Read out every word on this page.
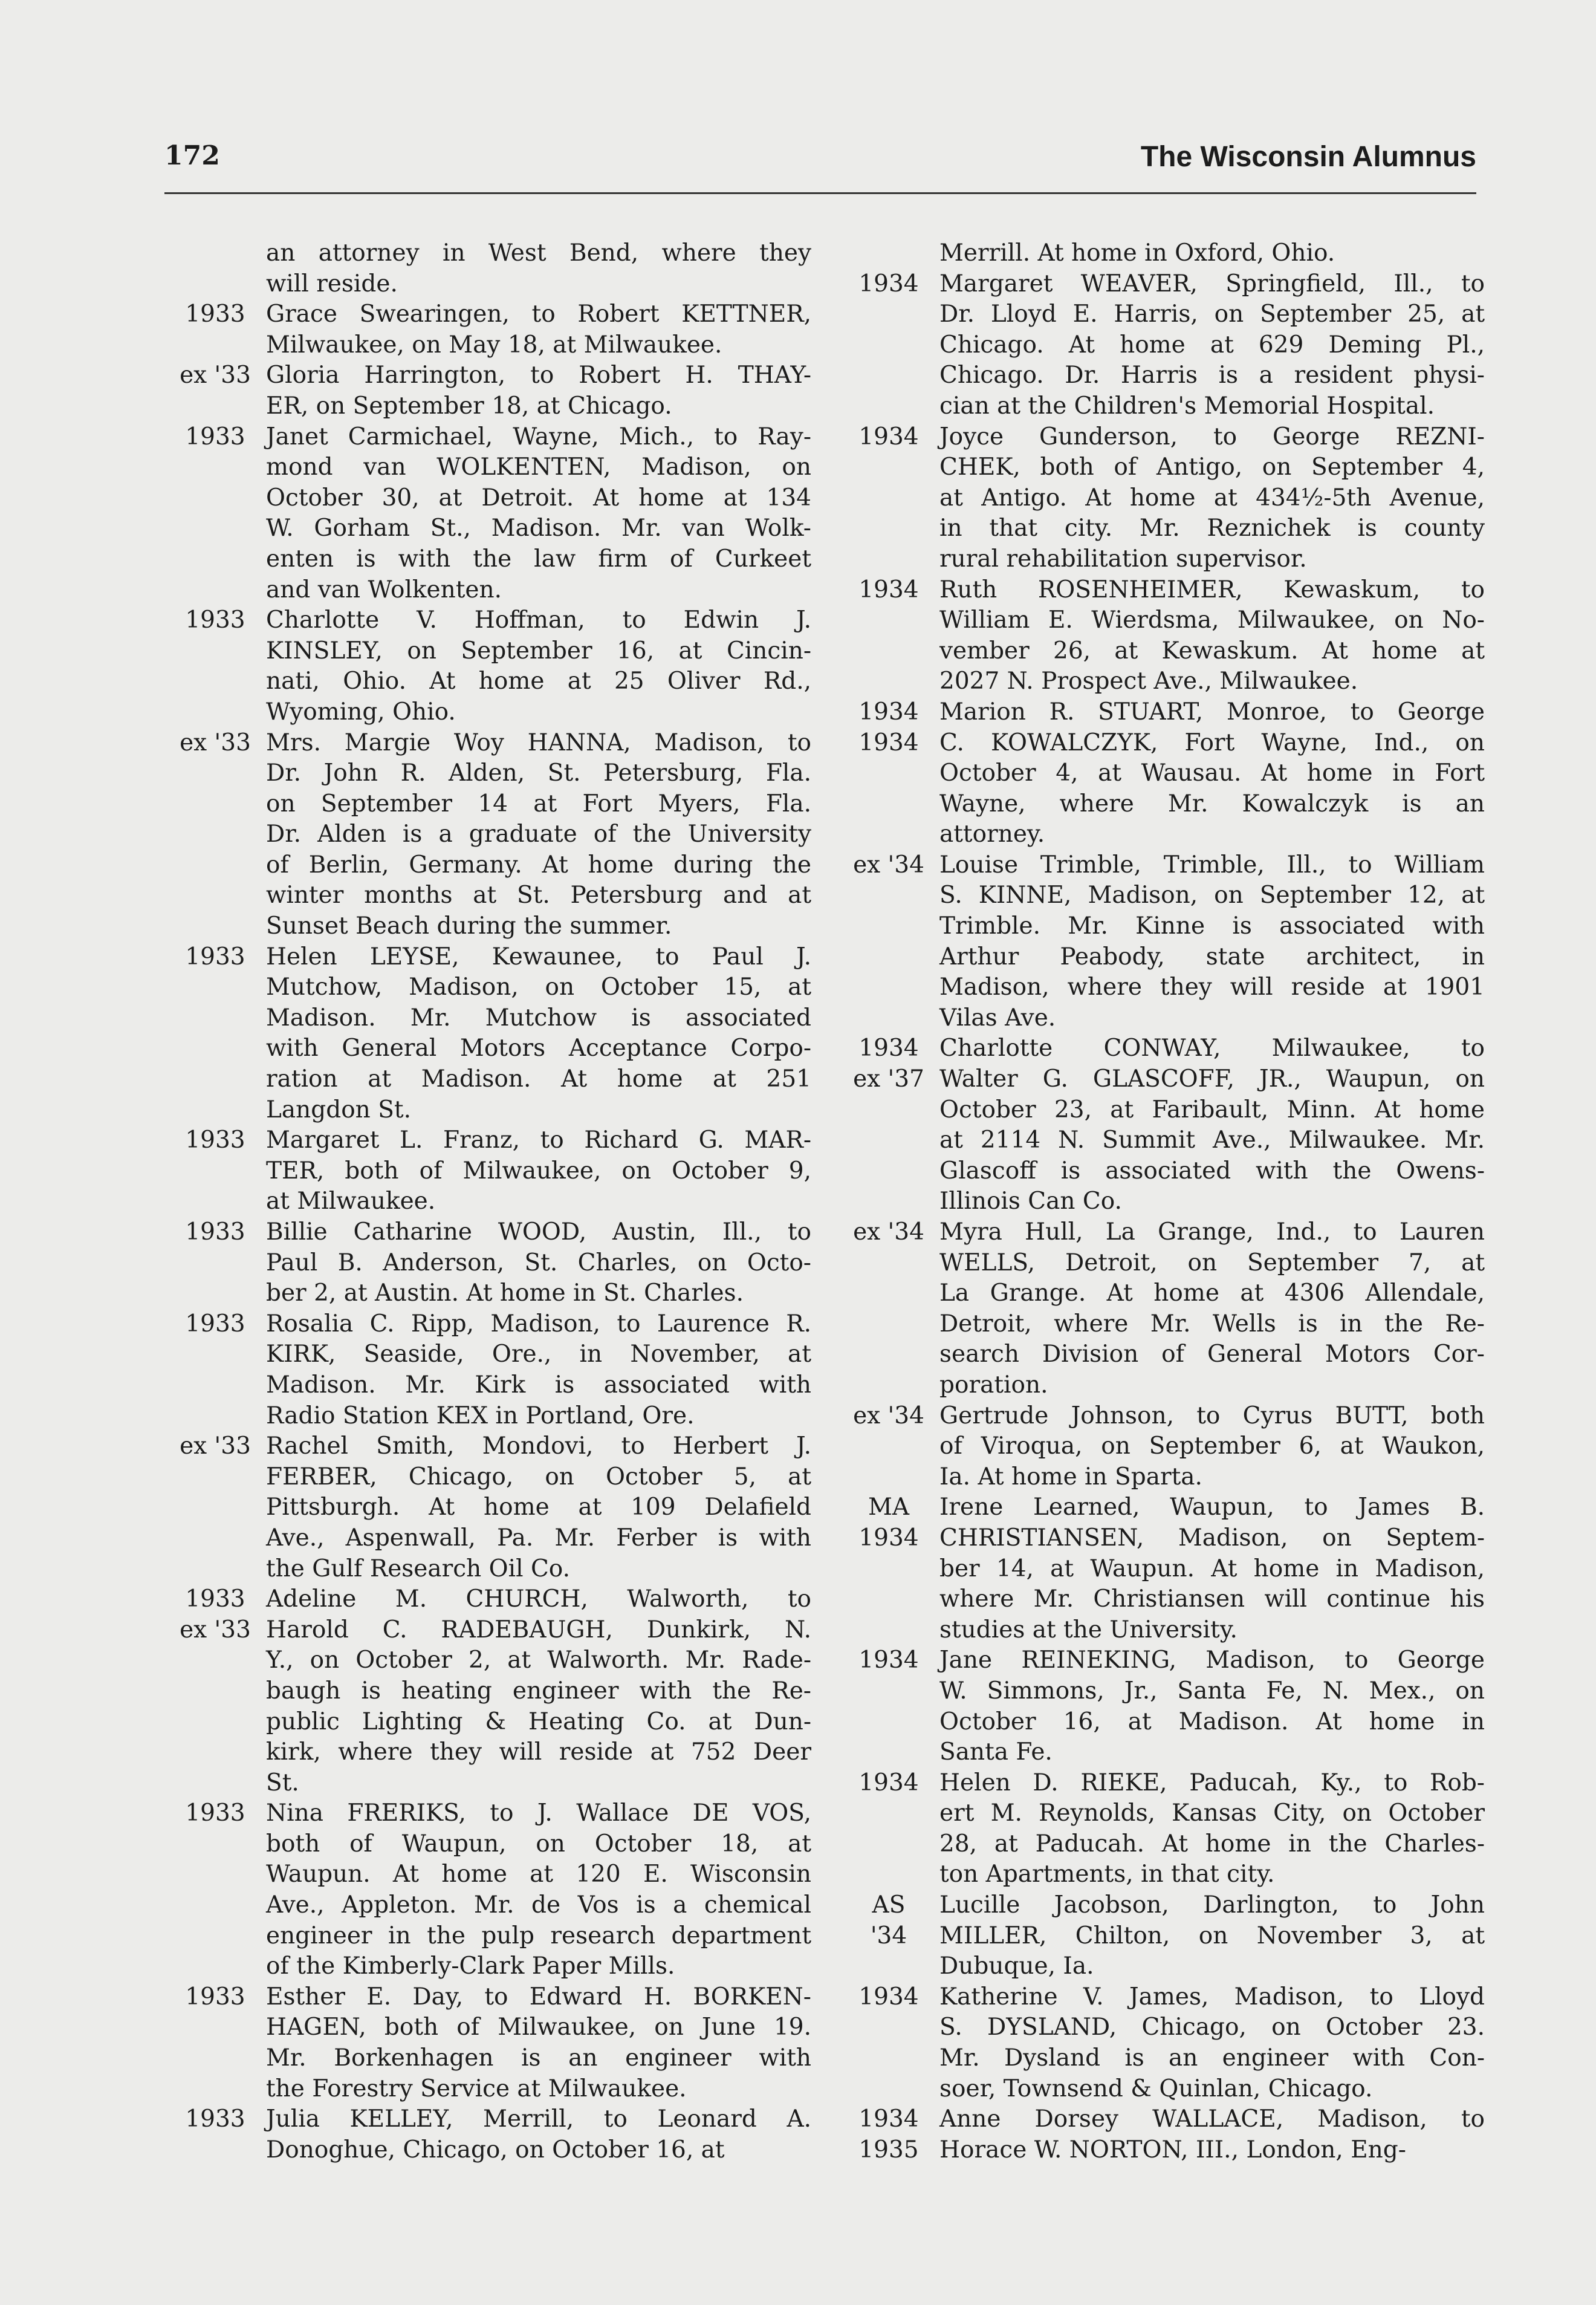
172	The Wisconsin Alumnus
an attorney in West Bend, where they
will reside.
1933 Grace Swearingen, to Robert KETTNER,
Milwaukee, on May 18, at Milwaukee.
ex '33 Gloria Harrington, to Robert H. THAY-
ER, on September 18, at Chicago.
1933 Janet Carmichael, Wayne, Mich., to Ray-
mond van WOLKENTEN, Madison, on
October 30, at Detroit. At home at 134
W. Gorham St., Madison. Mr. van Wolk-
enten is with the law firm of Curkeet
and van Wolkenten.
1933 Charlotte V. Hoffman, to Edwin J.
KINSLEY, on September 16, at Cincin-
nati, Ohio. At home at 25 Oliver Rd.,
Wyoming, Ohio.
ex '33 Mrs. Margie Woy HANNA, Madison, to
Dr. John R. Alden, St. Petersburg, Fla.
on September 14 at Fort Myers, Fla.
Dr. Alden is a graduate of the University
of Berlin, Germany. At home during the
winter months at St. Petersburg and at
Sunset Beach during the summer.
1933 Helen LEYSE, Kewaunee, to Paul J.
Mutchow, Madison, on October 15, at
Madison. Mr. Mutchow is associated
with General Motors Acceptance Corpo-
ration at Madison. At home at 251
Langdon St.
1933 Margaret L. Franz, to Richard G. MAR-
TER, both of Milwaukee, on October 9,
at Milwaukee.
1933 Billie Catharine WOOD, Austin, Ill., to
Paul B. Anderson, St. Charles, on Octo-
ber 2, at Austin. At home in St. Charles.
1933 Rosalia C. Ripp, Madison, to Laurence R.
KIRK, Seaside, Ore., in November, at
Madison. Mr. Kirk is associated with
Radio Station KEX in Portland, Ore.
ex '33 Rachel Smith, Mondovi, to Herbert J.
FERBER, Chicago, on October 5, at
Pittsburgh. At home at 109 Delafield
Ave., Aspenwall, Pa. Mr. Ferber is with
the Gulf Research Oil Co.
1933
ex '33
Adeline M. CHURCH, Walworth, to
Harold C. RADEBAUGH, Dunkirk, N.
Y., on October 2, at Walworth. Mr. Rade-
baugh is heating engineer with the Re-
public Lighting & Heating Co. at Dun-
kirk, where they will reside at 752 Deer
St.
1933 Nina FRERIKS, to J. Wallace DE VOS,
both of Waupun, on October 18, at
Waupun. At home at 120 E. Wisconsin
Ave., Appleton. Mr. de Vos is a chemical
engineer in the pulp research department
of the Kimberly-Clark Paper Mills.
1933 Esther E. Day, to Edward H. BORKEN-
HAGEN, both of Milwaukee, on June 19.
Mr. Borkenhagen is an engineer with
the Forestry Service at Milwaukee.
1933 Julia KELLEY, Merrill, to Leonard A.
Donoghue, Chicago, on October 16, at
Merrill. At home in Oxford, Ohio.
1934 Margaret WEAVER, Springfield, Ill., to
Dr. Lloyd E. Harris, on September 25, at
Chicago. At home at 629 Deming Pl.,
Chicago. Dr. Harris is a resident physi-
cian at the Children's Memorial Hospital.
1934 Joyce Gunderson, to George REZNI-
CHEK, both of Antigo, on September 4,
at Antigo. At home at 434½-5th Avenue,
in that city. Mr. Reznichek is county
rural rehabilitation supervisor.
1934 Ruth ROSENHEIMER, Kewaskum, to
William E. Wierdsma, Milwaukee, on No-
vember 26, at Kewaskum. At home at
2027 N. Prospect Ave., Milwaukee.
1934
1934
Marion R. STUART, Monroe, to George
C. KOWALCZYK, Fort Wayne, Ind., on
October 4, at Wausau. At home in Fort
Wayne, where Mr. Kowalczyk is an
attorney.
ex '34 Louise Trimble, Trimble, Ill., to William
S. KINNE, Madison, on September 12, at
Trimble. Mr. Kinne is associated with
Arthur Peabody, state architect, in
Madison, where they will reside at 1901
Vilas Ave.
1934
ex '37
Charlotte CONWAY, Milwaukee, to
Walter G. GLASCOFF, JR., Waupun, on
October 23, at Faribault, Minn. At home
at 2114 N. Summit Ave., Milwaukee. Mr.
Glascoff is associated with the Owens-
Illinois Can Co.
ex '34 Myra Hull, La Grange, Ind., to Lauren
WELLS, Detroit, on September 7, at
La Grange. At home at 4306 Allendale,
Detroit, where Mr. Wells is in the Re-
search Division of General Motors Cor-
poration.
ex '34 Gertrude Johnson, to Cyrus BUTT, both
of Viroqua, on September 6, at Waukon,
Ia. At home in Sparta.
MA
1934
Irene Learned, Waupun, to James B.
CHRISTIANSEN, Madison, on Septem-
ber 14, at Waupun. At home in Madison,
where Mr. Christiansen will continue his
studies at the University.
1934 Jane REINEKING, Madison, to George
W. Simmons, Jr., Santa Fe, N. Mex., on
October 16, at Madison. At home in
Santa Fe.
1934 Helen D. RIEKE, Paducah, Ky., to Rob-
ert M. Reynolds, Kansas City, on October
28, at Paducah. At home in the Charles-
ton Apartments, in that city.
AS
'34
Lucille Jacobson, Darlington, to John
MILLER, Chilton, on November 3, at
Dubuque, Ia.
1934 Katherine V. James, Madison, to Lloyd
S. DYSLAND, Chicago, on October 23.
Mr. Dysland is an engineer with Con-
soer, Townsend & Quinlan, Chicago.
1934
1935
Anne Dorsey WALLACE, Madison, to
Horace W. NORTON, III., London, Eng-
